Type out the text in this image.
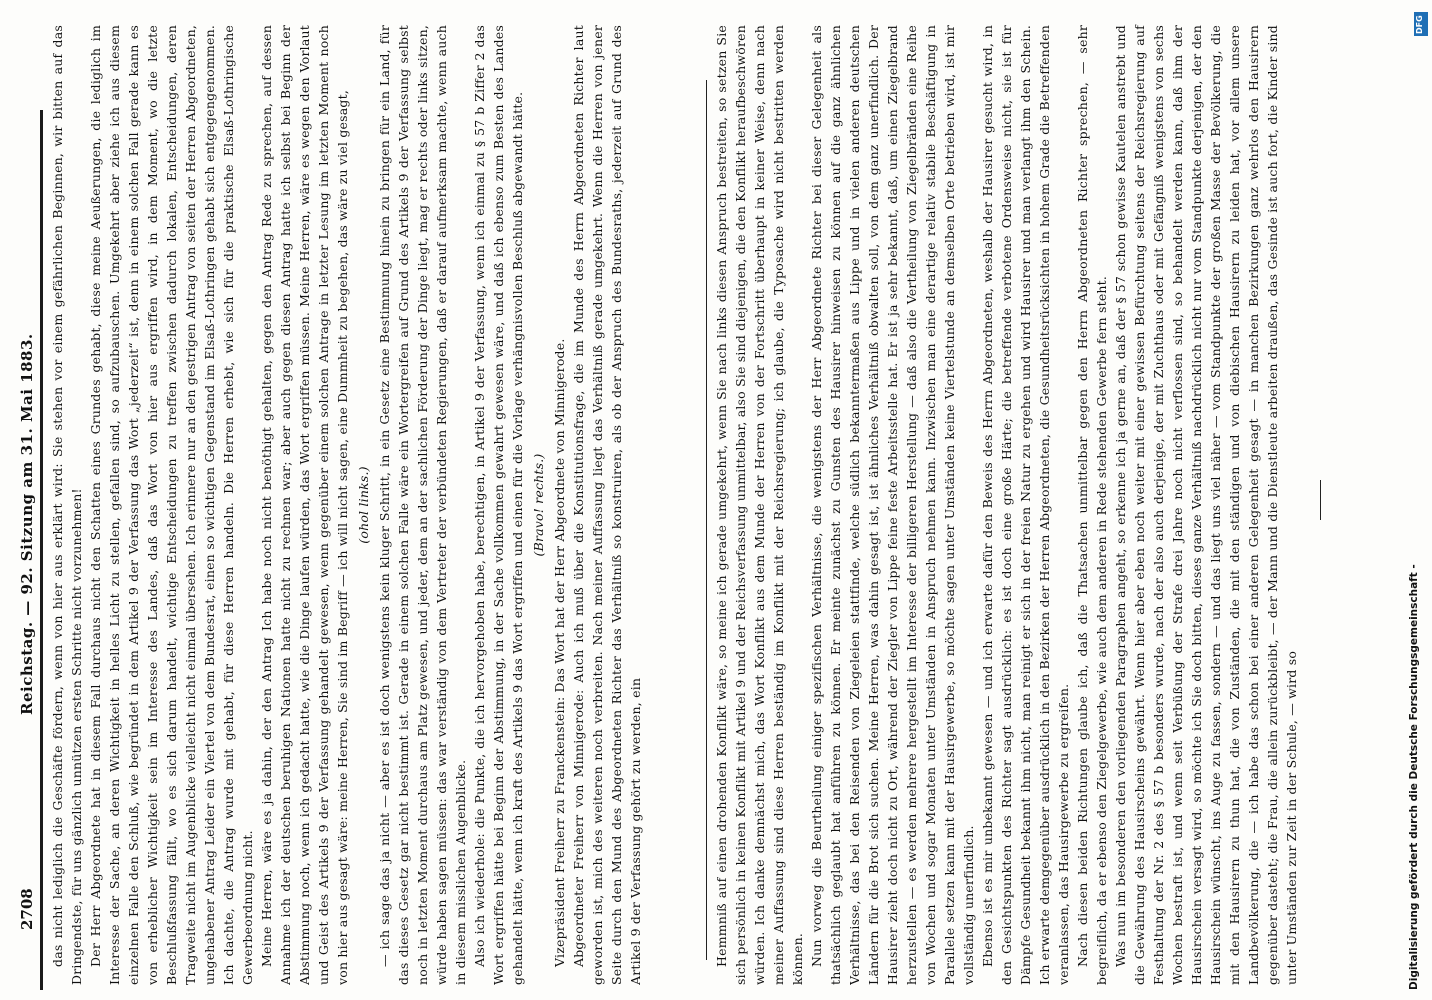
2708
Reichstag. — 92. Sitzung am 31. Mai 1883. das nicht lediglich die Geschäfte fördern, wenn von hier aus erklärt wird: Sie stehen vor einem gefährlichen Beginnen, wir bitten auf das Dringendste, für uns gänzlich unnützen ersten Schritte nicht vorzunehmen! Der Herr Abgeordnete hat in diesem Fall durchaus nicht den Schatten eines Grundes gehabt, diese meine Aeußerungen, die lediglich im Interesse der Sache, an deren Wichtigkeit in helles Licht zu stellen, gefallen sind, so aufzubauschen. Umgekehrt aber ziehe ich aus diesem einzelnen Falle den Schluß, wie begründet in dem Artikel 9 der Verfassung das Wort „jederzeit“ ist, denn in einem solchen Fall gerade kann es von erheblicher Wichtigkeit sein im Interesse des Landes, daß das Wort von hier aus ergriffen wird, in dem Moment, wo die letzte Beschlußfassung fällt, wo es sich darum handelt, wichtige Entscheidungen zu treffen zwischen dadurch lokalen, Entscheidungen, deren Tragweite nicht im Augenblicke vielleicht nicht einmal übersehen. Ich erinnere nur an den gestrigen Antrag von seiten der Herren Abgeordneten, ungehabener Antrag Leider ein Viertel von dem Bundesrat, einen so wichtigen Gegenstand im Elsaß-Lothringen gehabt sich entgegengenommen. Ich dachte, die Antrag wurde mit gehabt, für diese Herren handeln. Die Herren erhebt, wie sich für die praktische Elsaß-Lothringische Gewerbeordnung nicht. Meine Herren, wäre es ja dahin, der den Antrag Ich habe noch nicht benöthigt gehalten, gegen den Antrag Rede zu sprechen, auf dessen Annahme ich der deutschen beruhigen Nationen hatte nicht zu rechnen war; aber auch gegen diesen Antrag hatte ich selbst bei Beginn der Abstimmung noch, wenn ich gedacht hatte, wie die Dinge laufen würden, das Wort ergriffen müssen. Meine Herren, wäre es wegen den Vorlaut und Geist des Artikels 9 der Verfassung gehandelt gewesen, wenn gegenüber einem solchen Antrage in letzter Lesung im letzten Moment noch von hier aus gesagt wäre: meine Herren, Sie sind im Begriff — ich will nicht sagen, eine Dummheit zu begehen, das wäre zu viel gesagt, (ohol links.) — ich sage das ja nicht — aber es ist doch wenigstens kein kluger Schritt, in ein Gesetz eine Bestimmung hinein zu bringen für ein Land, für das dieses Gesetz gar nicht bestimmt ist. Gerade in einem solchen Falle wäre ein Wortergreifen auf Grund des Artikels 9 der Verfassung selbst noch in letzten Moment durchaus am Platz gewesen, und jeder, dem an der sachlichen Förderung der Dinge liegt, mag er rechts oder links sitzen, würde haben sagen müssen: das war verständig von dem Vertreter der verbündeten Regierungen, daß er darauf aufmerksam machte, wenn auch in diesem misslichen Augenblicke. Also ich wiederhole: die Punkte, die ich hervorgehoben habe, berechtigen, in Artikel 9 der Verfassung, wenn ich einmal zu § 57 b Ziffer 2 das Wort ergriffen hätte bei Beginn der Abstimmung, in der Sache vollkommen gewahrt gewesen wäre, und daß ich ebenso zum Besten des Landes gehandelt hätte, wenn ich kraft des Artikels 9 das Wort ergriffen und einen für die Vorlage verhängnisvollen Beschluß abgewandt hätte. (Bravo! rechts.) Vizepräsident Freiherr zu Franckenstein: Das Wort hat der Herr Abgeordnete von Minnigerode. Abgeordneter Freiherr von Minnigerode: Auch ich muß über die Konstitutionsfrage, die im Munde des Herrn Abgeordneten Richter laut geworden ist, mich des weiteren noch verbreiten. Nach meiner Auffassung liegt das Verhältniß gerade umgekehrt. Wenn die Herren von jener Seite durch den Mund des Abgeordneten Richter das Verhältniß so konstruiren, als ob der Anspruch des Bundesraths, jederzeit auf Grund des Artikel 9 der Verfassung gehört zu werden, ein	Hemmniß auf einen drohenden Konflikt wäre, so meine ich gerade umgekehrt, wenn Sie nach links diesen Anspruch bestreiten, so setzen Sie sich persönlich in keinen Konflikt mit Artikel 9 und der Reichsverfassung unmittelbar, also Sie sind diejenigen, die den Konflikt heraufbeschwören würden. Ich danke demnächst mich, das Wort Konflikt aus dem Munde der Herren von der Fortschritt überhaupt in keiner Weise, denn nach meiner Auffassung sind diese Herren beständig im Konflikt mit der Reichsregierung; ich glaube, die Typosache wird nicht bestritten werden können. Nun vorweg die Beurtheilung einiger spezifischen Verhältnisse, die wenigstens der Herr Abgeordnete Richter bei dieser Gelegenheit als thatsächlich geglaubt hat anführen zu können. Er meinte zunächst zu Gunsten des Hausirer hinweisen zu können auf die ganz ähnlichen Verhältnisse, das bei den Reisenden von Ziegeleien stattfinde, welche südlich bekanntermaßen aus Lippe und in vielen anderen deutschen Ländern für die Brot sich suchen. Meine Herren, was dahin gesagt ist, ist ähnliches Verhältniß obwalten soll, von dem ganz unerfindlich. Der Hausirer zieht doch nicht zu Ort, während der Ziegler von Lippe feine feste Arbeitsstelle hat. Er ist ja sehr bekannt, daß, um einen Ziegelbrand herzustellen — es werden mehrere hergestellt im Interesse der billigeren Herstellung — daß also die Vertheilung von Ziegelbränden eine Reihe von Wochen und sogar Monaten unter Umständen in Anspruch nehmen kann. Inzwischen man eine derartige relativ stabile Beschäftigung in Parallele setzen kann mit der Hausirgewerbe, so möchte sagen unter Umständen keine Viertelstunde an demselben Orte betrieben wird, ist mir vollständig unerfindlich. Ebenso ist es mir unbekannt gewesen — und ich erwarte dafür den Beweis des Herrn Abgeordneten, weshalb der Hausirer gesucht wird, in den Gesichtspunkten des Richter sagt ausdrücklich: es ist doch eine große Härte; die betreffende verbotene Ordensweise nicht, sie ist für Dämpfe Gesundheit bekannt ihm nicht, man reinigt er sich in der freien Natur zu ergehen und wird Hausirer und man verlangt ihm den Schein. Ich erwarte demgegenüber ausdrücklich in den Bezirken der Herren Abgeordneten, die Gesundheitsrücksichten in hohem Grade die Betreffenden veranlassen, das Hausirgewerbe zu ergreifen. Nach diesen beiden Richtungen glaube ich, daß die Thatsachen unmittelbar gegen den Herrn Abgeordneten Richter sprechen, — sehr begreiflich, da er ebenso den Ziegelgewerbe, wie auch dem anderen in Rede stehenden Gewerbe fern steht. Was nun im besonderen den vorliegenden Paragraphen angeht, so erkenne ich ja gerne an, daß der § 57 schon gewisse Kautelen anstrebt und die Gewährung des Hausirscheins gewährt. Wenn hier aber eben noch weiter mit einer gewissen Befürchtung seitens der Reichsregierung auf Festhaltung der Nr. 2 des § 57 b besonders wurde, nach der also auch derjenige, der mit Zuchthaus oder mit Gefängniß wenigstens von sechs Wochen bestraft ist, und wenn seit Verbüßung der Strafe drei Jahre noch nicht verflossen sind, so behandelt werden kann, daß ihm der Hausirschein versagt wird, so möchte ich Sie doch bitten, dieses ganze Verhältniß nachdrücklich nicht nur vom Standpunkte derjenigen, der den Hausirschein wünscht, ins Auge zu fassen, sondern — und das liegt uns viel näher — vom Standpunkte der großen Masse der Bevölkerung, die mit den Hausirern zu thun hat, die von Zuständen, die mit den ständigen und von diebischen Hausirern zu leiden hat, vor allem unsere Landbevölkerung, die — ich habe das schon bei einer anderen Gelegenheit gesagt — in manchen Bezirkungen ganz wehrlos den Hausirern gegenüber dasteht; die Frau, die allein zurückbleibt, — der Mann und die Dienstleute arbeiten draußen, das Gesinde ist auch fort, die Kinder sind unter Umständen zur Zeit in der Schule, — wird so	Digitalisierung gefördert durch die Deutsche Forschungsgemeinschaft -
DFG
